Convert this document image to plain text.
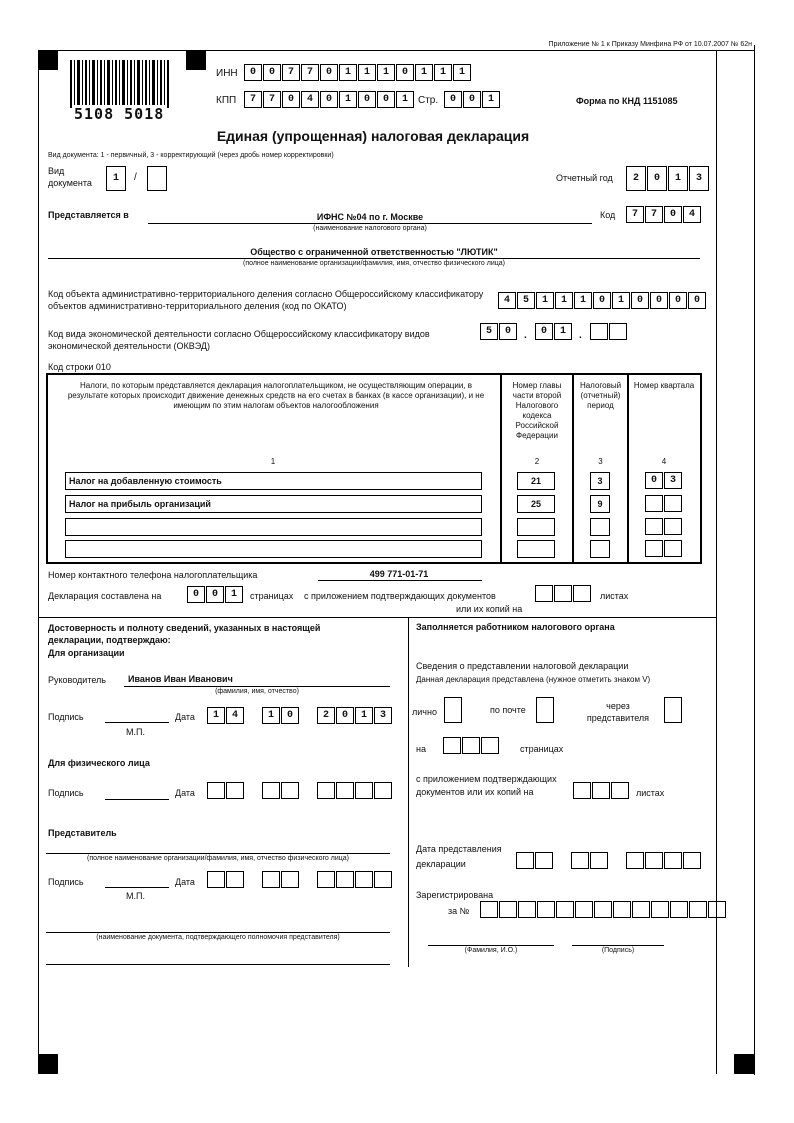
Приложение № 1 к Приказу Минфина РФ от 10.07.2007 № 62н
5108 5018
ИНН	0	0	7	7	0	1	1	1	0	1	1	1
КПП	7	7	0	4	0	1	0	0	1	Стр.	0	0	1	Форма по КНД 1151085
Единая (упрощенная) налоговая декларация
Вид документа: 1 - первичный, 3 - корректирующий (через дробь номер корректировки)
Вид документа	1	/	Отчетный год	2	0	1	3
Представляется в	ИФНС №04 по г. Москве
(наименование налогового органа)
Код	7	7	0	4
Общество с ограниченной ответственностью "ЛЮТИК"
(полное наименование организации/фамилия, имя, отчество физического лица)
Код объекта административно-территориального деления согласно Общероссийскому классификатору объектов административно-территориального деления (код по ОКАТО)	4	5	1	1	1	0	1	0	0	0	0
Код вида экономической деятельности согласно Общероссийскому классификатору видов экономической деятельности (ОКВЭД)
5	0	.	0	1	.
Код строки 010
Налоги, по которым представляется декларация налогоплательщиком, не осуществляющим операции, в результате которых происходит движение денежных средств на его счетах в банках (в кассе организации), и не имеющим по этим налогам объектов налогообложения
Номер главы части второй Налогового кодекса Российской Федерации
Налоговый (отчетный) период
Номер квартала
1	2	3	4
Налог на добавленную стоимость	21	3	0	3
Налог на прибыль организаций	25	9
Номер контактного телефона налогоплательщика	499 771-01-71
Декларация составлена на	0	0	1	страницах с приложением подтверждающих документов
или их копий на
листах
Достоверность и полноту сведений, указанных в настоящей декларации, подтверждаю:
Для организации
Руководитель Иванов Иван Иванович
(фамилия, имя, отчество)
Подпись
М.П.
Дата	1	4	1	0	2	0	1	3
Для физического лица
Подпись	Дата
Представитель
(полное наименование организации/фамилия, имя, отчество физического лица)
Подпись
М.П.
Дата
(наименование документа, подтверждающего полномочия представителя)
Заполняется работником налогового органа
Сведения о представлении налоговой декларации
Данная декларация представлена (нужное отметить знаком V)
лично	по почте	через представителя
на	страницах
с приложением подтверждающих документов или их копий на	листах
Дата представления декларации
Зарегистрирована
за №
(Фамилия, И.О.)	(Подпись)
